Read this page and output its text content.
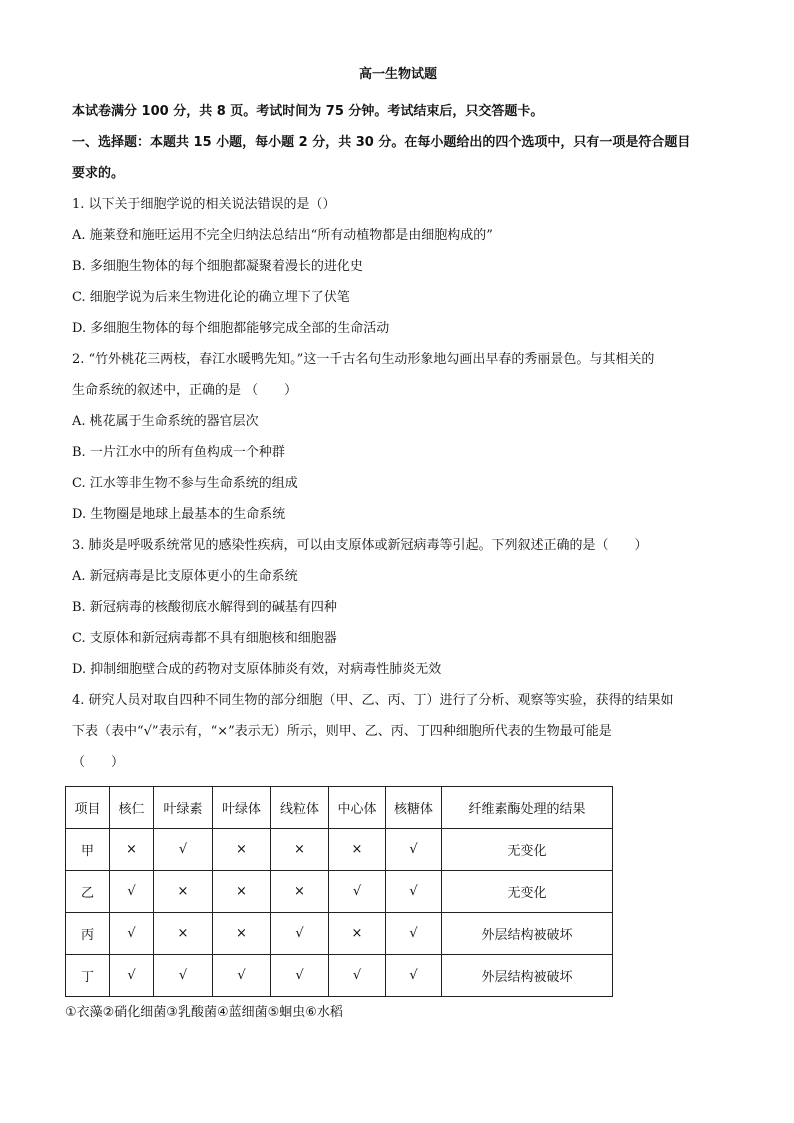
高一生物试题
本试卷满分 100 分，共 8 页。考试时间为 75 分钟。考试结束后，只交答题卡。
一、选择题：本题共 15 小题，每小题 2 分，共 30 分。在每小题给出的四个选项中，只有一项是符合题目
要求的。
1. 以下关于细胞学说的相关说法错误的是（）
A. 施莱登和施旺运用不完全归纳法总结出“所有动植物都是由细胞构成的”
B. 多细胞生物体的每个细胞都凝聚着漫长的进化史
C. 细胞学说为后来生物进化论的确立埋下了伏笔
D. 多细胞生物体的每个细胞都能够完成全部的生命活动
2. “竹外桃花三两枝，春江水暖鸭先知。”这一千古名句生动形象地勾画出早春的秀丽景色。与其相关的
生命系统的叙述中，正确的是 （　　）
A. 桃花属于生命系统的器官层次
B. 一片江水中的所有鱼构成一个种群
C. 江水等非生物不参与生命系统的组成
D. 生物圈是地球上最基本的生命系统
3. 肺炎是呼吸系统常见的感染性疾病，可以由支原体或新冠病毒等引起。下列叙述正确的是（　　）
A. 新冠病毒是比支原体更小的生命系统
B. 新冠病毒的核酸彻底水解得到的碱基有四种
C. 支原体和新冠病毒都不具有细胞核和细胞器
D. 抑制细胞壁合成的药物对支原体肺炎有效，对病毒性肺炎无效
4. 研究人员对取自四种不同生物的部分细胞（甲、乙、丙、丁）进行了分析、观察等实验，获得的结果如
下表（表中“√”表示有，“×”表示无）所示，则甲、乙、丙、丁四种细胞所代表的生物最可能是
（　　）
项目	核仁	叶绿素	叶绿体	线粒体	中心体	核糖体	纤维素酶处理的结果
甲	×	√	×	×	×	√	无变化
乙	√	×	×	×	√	√	无变化
丙	√	×	×	√	×	√	外层结构被破坏
丁	√	√	√	√	√	√	外层结构被破坏
①衣藻②硝化细菌③乳酸菌④蓝细菌⑤蛔虫⑥水稻
